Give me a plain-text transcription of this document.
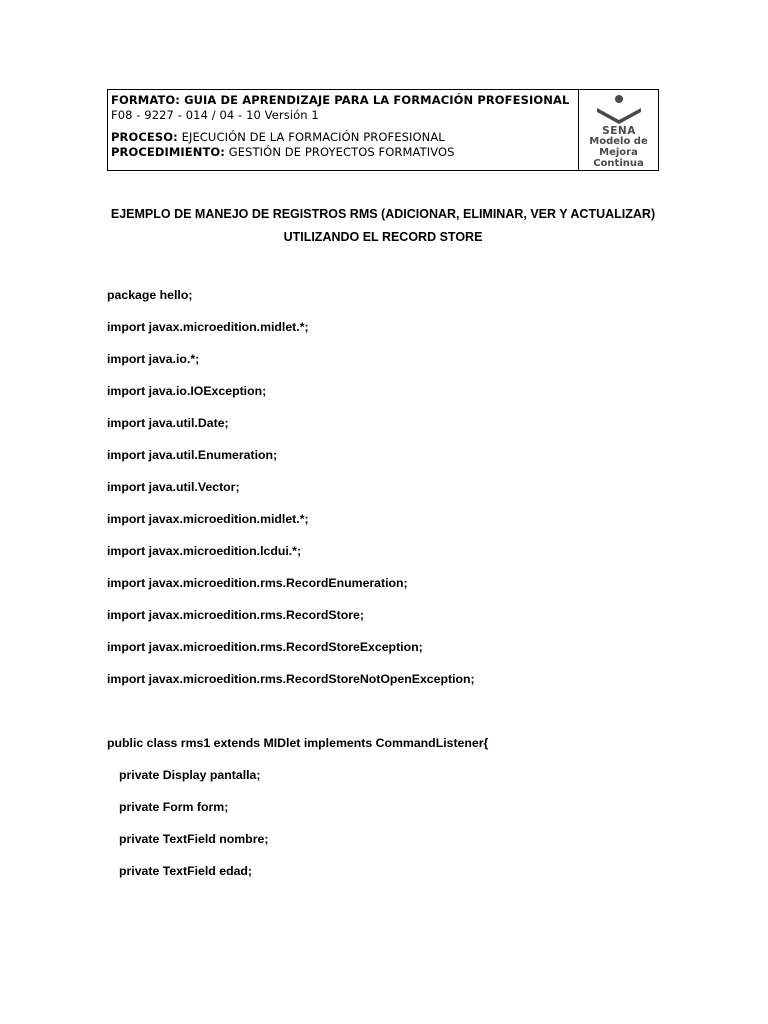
FORMATO: GUIA DE APRENDIZAJE PARA LA FORMACIÓN PROFESIONAL
F08 - 9227 - 014 / 04 - 10 Versión 1
PROCESO: EJECUCIÓN DE LA FORMACIÓN PROFESIONAL
PROCEDIMIENTO: GESTIÓN DE PROYECTOS FORMATIVOS
SENA
Modelo de
Mejora
Continua
EJEMPLO DE MANEJO DE REGISTROS RMS (ADICIONAR, ELIMINAR, VER Y ACTUALIZAR)
UTILIZANDO EL RECORD STORE
package hello;
import javax.microedition.midlet.*;
import java.io.*;
import java.io.IOException;
import java.util.Date;
import java.util.Enumeration;
import java.util.Vector;
import javax.microedition.midlet.*;
import javax.microedition.lcdui.*;
import javax.microedition.rms.RecordEnumeration;
import javax.microedition.rms.RecordStore;
import javax.microedition.rms.RecordStoreException;
import javax.microedition.rms.RecordStoreNotOpenException;
public class rms1 extends MIDlet implements CommandListener{
private Display pantalla;
private Form form;
private TextField nombre;
private TextField edad;
